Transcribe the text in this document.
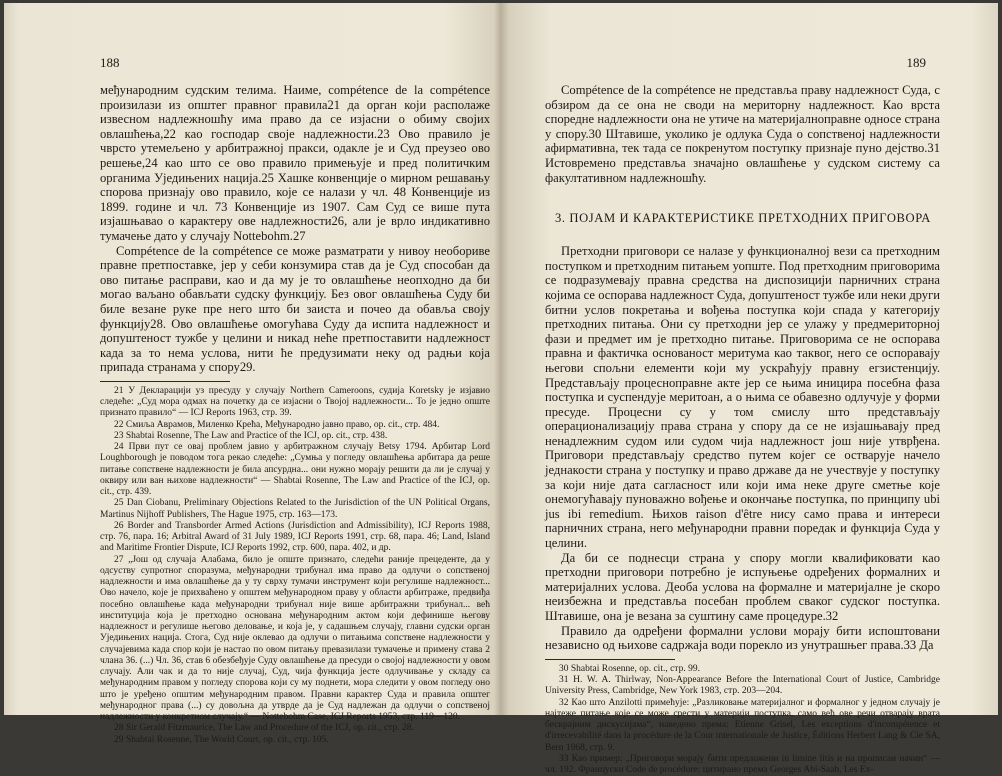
188

међународним судским телима. Наиме, compétence de la compétence произилази из општег правног правила21 да орган који располаже извесном надлежношћу има право да се изјасни о обиму својих овлашћења,22 као господар своје надлежности.23 Ово правило је чврсто утемељено у арбитражној пракси, одакле је и Суд преузео ово решење,24 као што се ово правило примењује и пред политичким органима Уједињених нација.25 Хашке конвенције о мирном решавању спорова признају ово правило, које се налази у чл. 48 Конвенције из 1899. године и чл. 73 Конвенције из 1907. Сам Суд се више пута изјашњавао о карактеру ове надлежности26, али је врло индикативно тумачење дато у случају Nottebohm.27

Compétence de la compétence се може разматрати у нивоу необориве правне претпоставке, јер у себи конзумира став да је Суд способан да ово питање расправи, као и да му је то овлашћење неопходно да би могао ваљано обављати судску функцију. Без овог овлашћења Суду би биле везане руке пре него што би заиста и почео да обавља своју функцију28. Ово овлашћење омогућава Суду да испита надлежност и допуштеност тужбе у целини и никад неће претпоставити надлежност када за то нема услова, нити ће предузимати неку од радњи која припада странама у спору29.

21 У Декларацији уз пресуду у случају Northern Cameroons, судија Koretsky је изјавио следеће: „Суд мора одмах на почетку да се изјасни о Твојој надлежности... То је једно опште признато правило“ — ICJ Reports 1963, стр. 39.

22 Смиља Аврамов, Миленко Крећа, Међународно јавно право, op. cit., стр. 484.

23 Shabtai Rosenne, The Law and Practice of the ICJ, op. cit., стр. 438.

24 Први пут се овај проблем јавио у арбитражном случају Betsy 1794. Арбитар Lord Loughborough је поводом тога рекао следеће: „Сумња у погледу овлашћења арбитара да реше питање сопствене надлежности је била апсурдна... они нужно морају решити да ли је случај у оквиру или ван њихове надлежности“ — Shabtai Rosenne, The Law and Practice of the ICJ, op. cit., стр. 439.

25 Dan Ciobanu, Preliminary Objections Related to the Jurisdiction of the UN Political Organs, Martinus Nijhoff Publishers, The Hague 1975, стр. 163—173.

26 Border and Transborder Armed Actions (Jurisdiction and Admissibility), ICJ Reports 1988, стр. 76, пара. 16; Arbitral Award of 31 July 1989, ICJ Reports 1991, стр. 68, пара. 46; Land, Island and Maritime Frontier Dispute, ICJ Reports 1992, стр. 600, пара. 402, и др.

27 „Још од случаја Алабама, било је опште признато, следећи раније прецеденте, да у одсуству супротног споразума, међународни трибунал има право да одлучи о сопственој надлежности и има овлашћење да у ту сврху тумачи инструмент који регулише надлежност... Ово начело, које је прихваћено у општем међународном праву у области арбитраже, предвиђа посебно овлашћење када међународни трибунал није више арбитражни трибунал... већ институција која је претходно основана међународним актом који дефинише његову надлежност и регулише његово деловање, и која је, у садашњем случају, главни судски орган Уједињених нација. Стога, Суд није оклевао да одлучи о питањима сопствене надлежности у случајевима када спор који је настао по овом питању превазилази тумачење и примену става 2 члана 36. (...) Чл. 36, став 6 обезбеђује Суду овлашћење да пресуди о својој надлежности у овом случају. Али чак и да то није случај, Суд, чија функција јесте одлучивање у складу са међународним правом у погледу спорова који су му поднети, мора следити у овом погледу оно што је уређено општим међународним правом. Правни карактер Суда и правила општег међународног права (...) су довољна да утврде да је Суд надлежан да одлучи о сопственој надлежности у конкретном случају.“ — Nottebohm Case, ICJ Reports 1953, стр. 119—120.

28 Sir Gerald Fitzmaurice, The Law and Procedure of the ICJ, op. cit., стр. 28.

29 Shabtai Rosenne, The World Court, op. cit., стр. 105.

189

Compétence de la compétence не представља праву надлежност Суда, с обзиром да се она не своди на мериторну надлежност. Као врста споредне надлежности она не утиче на материјалноправне односе страна у спору.30 Штавише, уколико је одлука Суда о сопственој надлежности афирмативна, тек тада се покренутом поступку признаје пуно дејство.31 Истовремено представља значајно овлашћење у судском систему са факултативном надлежношћу.

3. ПОЈАМ И КАРАКТЕРИСТИКЕ ПРЕТХОДНИХ ПРИГОВОРА

Претходни приговори се налазе у функционалној вези са претходним поступком и претходним питањем уопште. Под претходним приговорима се подразумевају правна средства на диспозицији парничних страна којима се оспорава надлежност Суда, допуштеност тужбе или неки други битни услов покретања и вођења поступка који спада у категорију претходних питања. Они су претходни јер се улажу у предмериторној фази и предмет им је претходно питање. Приговорима се не оспорава правна и фактичка основаност меритума као таквог, него се оспоравају његови спољни елементи који му ускраћују правну егзистенцију. Представљају процесноправне акте јер се њима иницира посебна фаза поступка и суспендује меритоан, а о њима се обавезно одлучује у форми пресуде. Процесни су у том смислу што представљају операционализацију права страна у спору да се не изјашњавају пред ненадлежним судом или судом чија надлежност још није утврђена. Приговори представљају средство путем којег се остварује начело једнакости страна у поступку и право државе да не учествује у поступку за који није дата сагласност или који има неке друге сметње које онемогућавају пуноважно вођење и окончање поступка, по принципу ubi jus ibi remedium. Њихов raison d'être нису само права и интереси парничних страна, него међународни правни поредак и функција Суда у целини.

Да би се поднесци странa у спору могли квалификовати као претходни приговори потребно је испуњење одређених формалних и материјалних услова. Деоба услова на формалне и материјалне је скоро неизбежна и представља посебан проблем сваког судског поступка. Штавише, она је везана за суштину саме процедуре.32

Правило да одређени формални услови морају бити испоштовани независно од њихове садржаја води порекло из унутрашњег права.33 Да

30 Shabtai Rosenne, op. cit., стр. 99.

31 H. W. A. Thirlway, Non-Appearance Before the International Court of Justice, Cambridge University Press, Cambridge, New York 1983, стр. 203—204.

32 Као што Anzilotti примећује: „Разликовање материјалног и формалног у једном случају је најтеже питање које се може срести у материји поступка, само већ ове речи отварају врата бескрајним дискусијама“, наведено према: Etienne Grisel, Les exceptions d'incompétence et d'irrecevabilité dans la procédure de la Cour internationale de Justice, Éditions Herbert Lang & Cie SA, Bern 1968, стр. 9.

33 Као пример: „Приговори морају бити предложени in limine litis и на прописан начин“ — чл. 192. Француски Code de procédure; цитирано према Georges Abi-Saab, Les Ex-
